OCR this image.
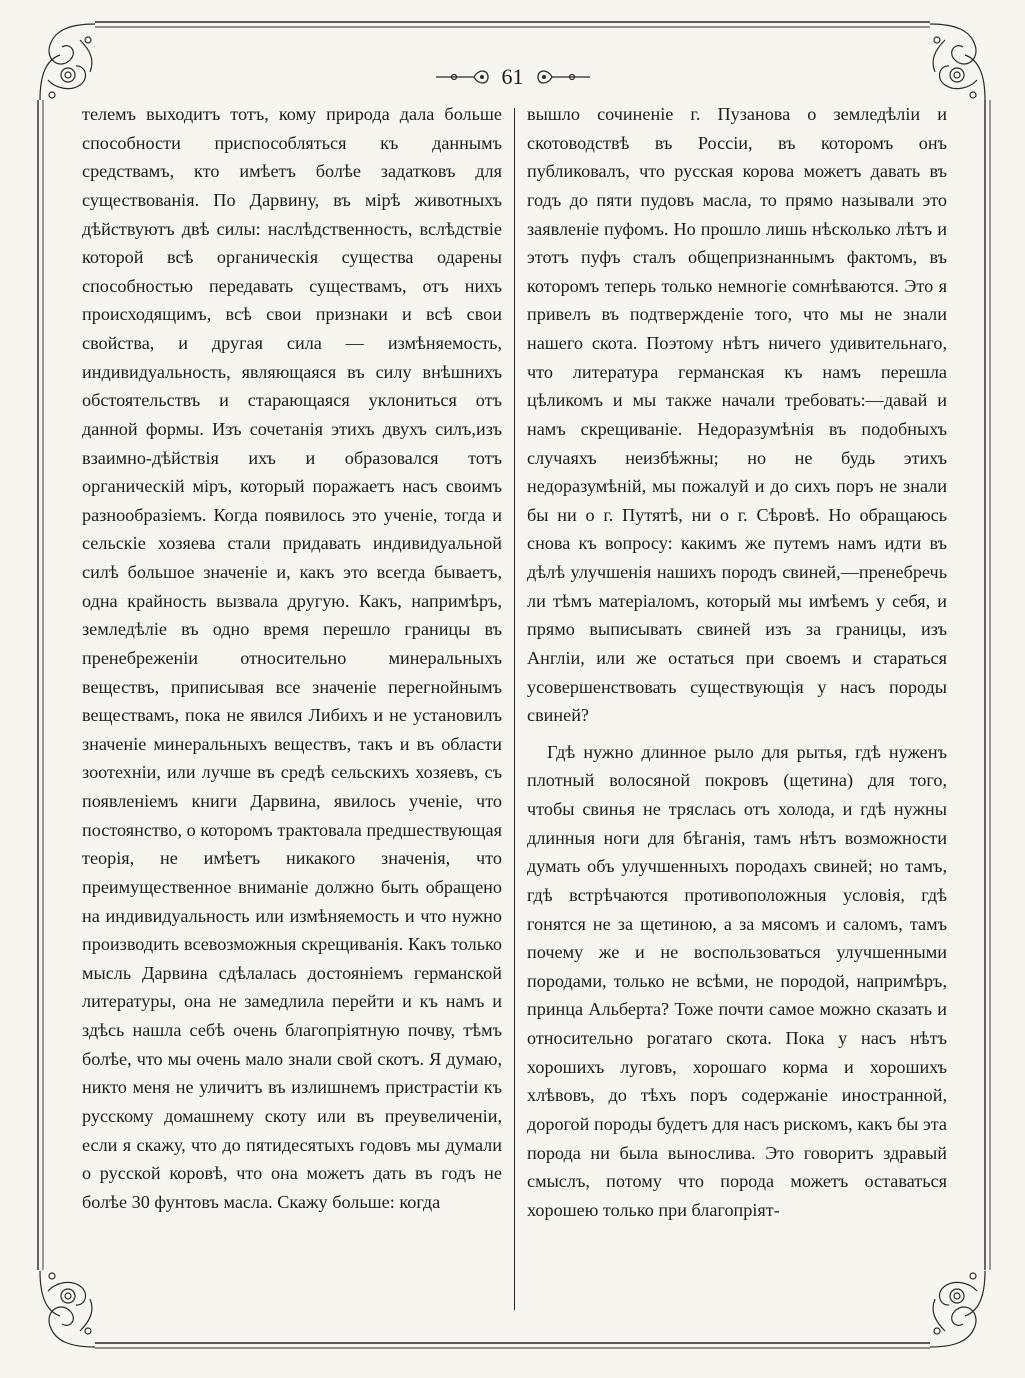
61

телемъ выходитъ тотъ, кому природа дала больше способности приспособляться къ даннымъ средствамъ, кто имѣетъ болѣе задатковъ для существованія. По Дарвину, въ мірѣ животныхъ дѣйствуютъ двѣ силы: наслѣдственность, вслѣдствіе которой всѣ органическія существа одарены способностью передавать существамъ, отъ нихъ происходящимъ, всѣ свои признаки и всѣ свои свойства, и другая сила — измѣняемость, индивидуальность, являющаяся въ силу внѣшнихъ обстоятельствъ и старающаяся уклониться отъ данной формы. Изъ сочетанія этихъ двухъ силъ,изъ взаимно-дѣйствія ихъ и образовался тотъ органическій міръ, который поражаетъ насъ своимъ разнообразіемъ. Когда появилось это ученіе, тогда и сельскіе хозяева стали придавать индивидуальной силѣ большое значеніе и, какъ это всегда бываетъ, одна крайность вызвала другую. Какъ, напримѣръ, земледѣліе въ одно время перешло границы въ пренебреженіи относительно минеральныхъ веществъ, приписывая все значеніе перегнойнымъ веществамъ, пока не явился Либихъ и не установилъ значеніе минеральныхъ веществъ, такъ и въ области зоотехніи, или лучше въ средѣ сельскихъ хозяевъ, съ появленіемъ книги Дарвина, явилось ученіе, что постоянство, о которомъ трактовала предшествующая теорія, не имѣетъ никакого значенія, что преимущественное вниманіе должно быть обращено на индивидуальность или измѣняемость и что нужно производить всевозможныя скрещиванія. Какъ только мысль Дарвина сдѣлалась достояніемъ германской литературы, она не замедлила перейти и къ намъ и здѣсь нашла себѣ очень благопріятную почву, тѣмъ болѣе, что мы очень мало знали свой скотъ. Я думаю, никто меня не уличитъ въ излишнемъ пристрастіи къ русскому домашнему скоту или въ преувеличеніи, если я скажу, что до пятидесятыхъ годовъ мы думали о русской коровѣ, что она можетъ дать въ годъ не болѣе 30 фунтовъ масла. Скажу больше: когда

вышло сочиненіе г. Пузанова о земледѣліи и скотоводствѣ въ Россіи, въ которомъ онъ публиковалъ, что русская корова можетъ давать въ годъ до пяти пудовъ масла, то прямо называли это заявленіе пуфомъ. Но прошло лишь нѣсколько лѣтъ и этотъ пуфъ сталъ общепризнаннымъ фактомъ, въ которомъ теперь только немногіе сомнѣваются. Это я привелъ въ подтвержденіе того, что мы не знали нашего скота. Поэтому нѣтъ ничего удивительнаго, что литература германская къ намъ перешла цѣликомъ и мы также начали требовать:—давай и намъ скрещиваніе. Недоразумѣнія въ подобныхъ случаяхъ неизбѣжны; но не будь этихъ недоразумѣній, мы пожалуй и до сихъ поръ не знали бы ни о г. Путятѣ, ни о г. Сѣровѣ. Но обращаюсь снова къ вопросу: какимъ же путемъ намъ идти въ дѣлѣ улучшенія нашихъ породъ свиней,—пренебречь ли тѣмъ матеріаломъ, который мы имѣемъ у себя, и прямо выписывать свиней изъ за границы, изъ Англіи, или же остаться при своемъ и стараться усовершенствовать существующія у насъ породы свиней?

Гдѣ нужно длинное рыло для рытья, гдѣ нуженъ плотный волосяной покровъ (щетина) для того, чтобы свинья не тряслась отъ холода, и гдѣ нужны длинныя ноги для бѣганія, тамъ нѣтъ возможности думать объ улучшенныхъ породахъ свиней; но тамъ, гдѣ встрѣчаются противоположныя условія, гдѣ гонятся не за щетиною, а за мясомъ и саломъ, тамъ почему же и не воспользоваться улучшенными породами, только не всѣми, не породой, напримѣръ, принца Альберта? Тоже почти самое можно сказать и относительно рогатаго скота. Пока у насъ нѣтъ хорошихъ луговъ, хорошаго корма и хорошихъ хлѣвовъ, до тѣхъ поръ содержаніе иностранной, дорогой породы будетъ для насъ рискомъ, какъ бы эта порода ни была вынослива. Это говоритъ здравый смыслъ, потому что порода можетъ оставаться хорошею только при благопріят-
